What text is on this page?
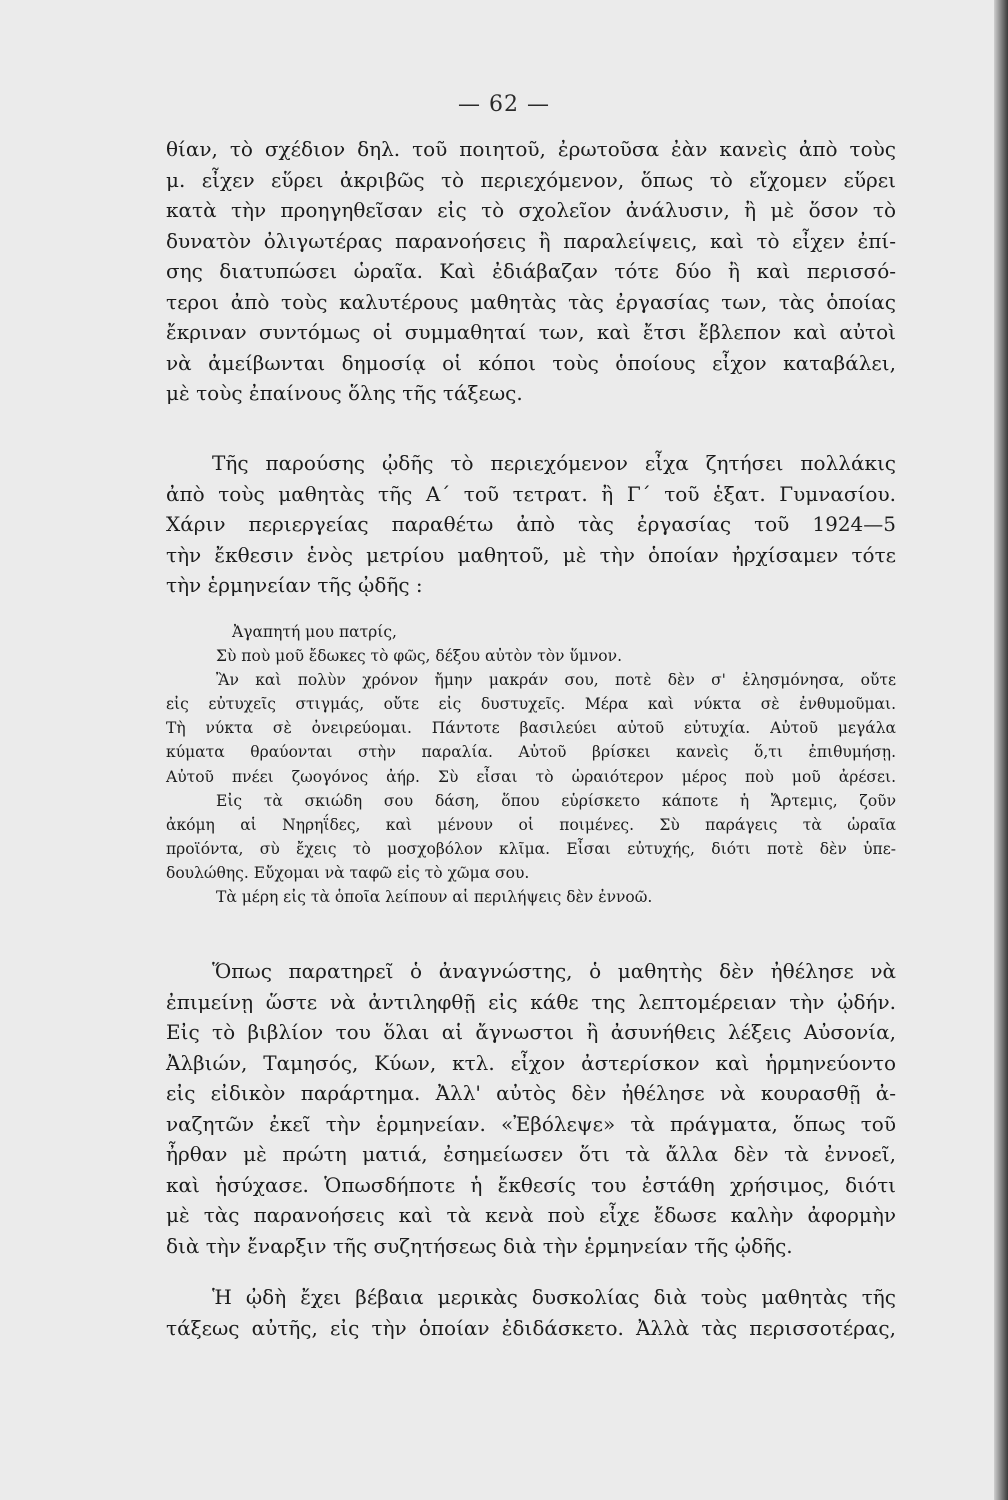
— 62 —
θίαν, τὸ σχέδιον δηλ. τοῦ ποιητοῦ, ἐρωτοῦσα ἐὰν κανεὶς ἀπὸ τοὺς
μ. εἶχεν εὕρει ἀκριβῶς τὸ περιεχόμενον, ὅπως τὸ εἴχομεν εὕρει
κατὰ τὴν προηγηθεῖσαν εἰς τὸ σχολεῖον ἀνάλυσιν, ἢ μὲ ὅσον τὸ
δυνατὸν ὀλιγωτέρας παρανοήσεις ἢ παραλείψεις, καὶ τὸ εἶχεν ἐπί-
σης διατυπώσει ὡραῖα. Καὶ ἐδιάβαζαν τότε δύο ἢ καὶ περισσό-
τεροι ἀπὸ τοὺς καλυτέρους μαθητὰς τὰς ἐργασίας των, τὰς ὁποίας
ἔκριναν συντόμως οἱ συμμαθηταί των, καὶ ἔτσι ἔβλεπον καὶ αὐτοὶ
νὰ ἀμείβωνται δημοσίᾳ οἱ κόποι τοὺς ὁποίους εἶχον καταβάλει,
μὲ τοὺς ἐπαίνους ὅλης τῆς τάξεως.
Τῆς παρούσης ᾠδῆς τὸ περιεχόμενον εἶχα ζητήσει πολλάκις
ἀπὸ τοὺς μαθητὰς τῆς Α΄ τοῦ τετρατ. ἢ Γ΄ τοῦ ἑξατ. Γυμνασίου.
Χάριν περιεργείας παραθέτω ἀπὸ τὰς ἐργασίας τοῦ 1924—5
τὴν ἔκθεσιν ἑνὸς μετρίου μαθητοῦ, μὲ τὴν ὁποίαν ἠρχίσαμεν τότε
τὴν ἑρμηνείαν τῆς ᾠδῆς :
Ἀγαπητή μου πατρίς,
Σὺ ποὺ μοῦ ἔδωκες τὸ φῶς, δέξου αὐτὸν τὸν ὕμνον.
Ἂν καὶ πολὺν χρόνον ἤμην μακράν σου, ποτὲ δὲν σ' ἐλησμόνησα, οὔτε
εἰς εὐτυχεῖς στιγμάς, οὔτε εἰς δυστυχεῖς. Μέρα καὶ νύκτα σὲ ἐνθυμοῦμαι.
Τὴ νύκτα σὲ ὀνειρεύομαι. Πάντοτε βασιλεύει αὐτοῦ εὐτυχία. Αὐτοῦ μεγάλα
κύματα θραύονται στὴν παραλία. Αὐτοῦ βρίσκει κανεὶς ὅ,τι ἐπιθυμήσῃ.
Αὐτοῦ πνέει ζωογόνος ἀήρ. Σὺ εἶσαι τὸ ὡραιότερον μέρος ποὺ μοῦ ἀρέσει.
Εἰς τὰ σκιώδη σου δάση, ὅπου εὑρίσκετο κάποτε ἡ Ἄρτεμις, ζοῦν
ἀκόμη αἱ Νηρηΐδες, καὶ μένουν οἱ ποιμένες. Σὺ παράγεις τὰ ὡραῖα
προϊόντα, σὺ ἔχεις τὸ μοσχοβόλον κλῖμα. Εἶσαι εὐτυχής, διότι ποτὲ δὲν ὑπε-
δουλώθης. Εὔχομαι νὰ ταφῶ εἰς τὸ χῶμα σου.
Τὰ μέρη εἰς τὰ ὁποῖα λείπουν αἱ περιλήψεις δὲν ἐννοῶ.
Ὅπως παρατηρεῖ ὁ ἀναγνώστης, ὁ μαθητὴς δὲν ἠθέλησε νὰ
ἐπιμείνῃ ὥστε νὰ ἀντιληφθῇ εἰς κάθε της λεπτομέρειαν τὴν ᾠδήν.
Εἰς τὸ βιβλίον του ὅλαι αἱ ἄγνωστοι ἢ ἀσυνήθεις λέξεις Αὐσονία,
Ἀλβιών, Ταμησός, Κύων, κτλ. εἶχον ἀστερίσκον καὶ ἡρμηνεύοντο
εἰς εἰδικὸν παράρτημα. Ἀλλ' αὐτὸς δὲν ἠθέλησε νὰ κουρασθῇ ἀ-
ναζητῶν ἐκεῖ τὴν ἑρμηνείαν. «Ἐβόλεψε» τὰ πράγματα, ὅπως τοῦ
ἦρθαν μὲ πρώτη ματιά, ἐσημείωσεν ὅτι τὰ ἄλλα δὲν τὰ ἐννοεῖ,
καὶ ἡσύχασε. Ὁπωσδήποτε ἡ ἔκθεσίς του ἐστάθη χρήσιμος, διότι
μὲ τὰς παρανοήσεις καὶ τὰ κενὰ ποὺ εἶχε ἔδωσε καλὴν ἀφορμὴν
διὰ τὴν ἔναρξιν τῆς συζητήσεως διὰ τὴν ἑρμηνείαν τῆς ᾠδῆς.
Ἡ ᾠδὴ ἔχει βέβαια μερικὰς δυσκολίας διὰ τοὺς μαθητὰς τῆς
τάξεως αὐτῆς, εἰς τὴν ὁποίαν ἐδιδάσκετο. Ἀλλὰ τὰς περισσοτέρας,
